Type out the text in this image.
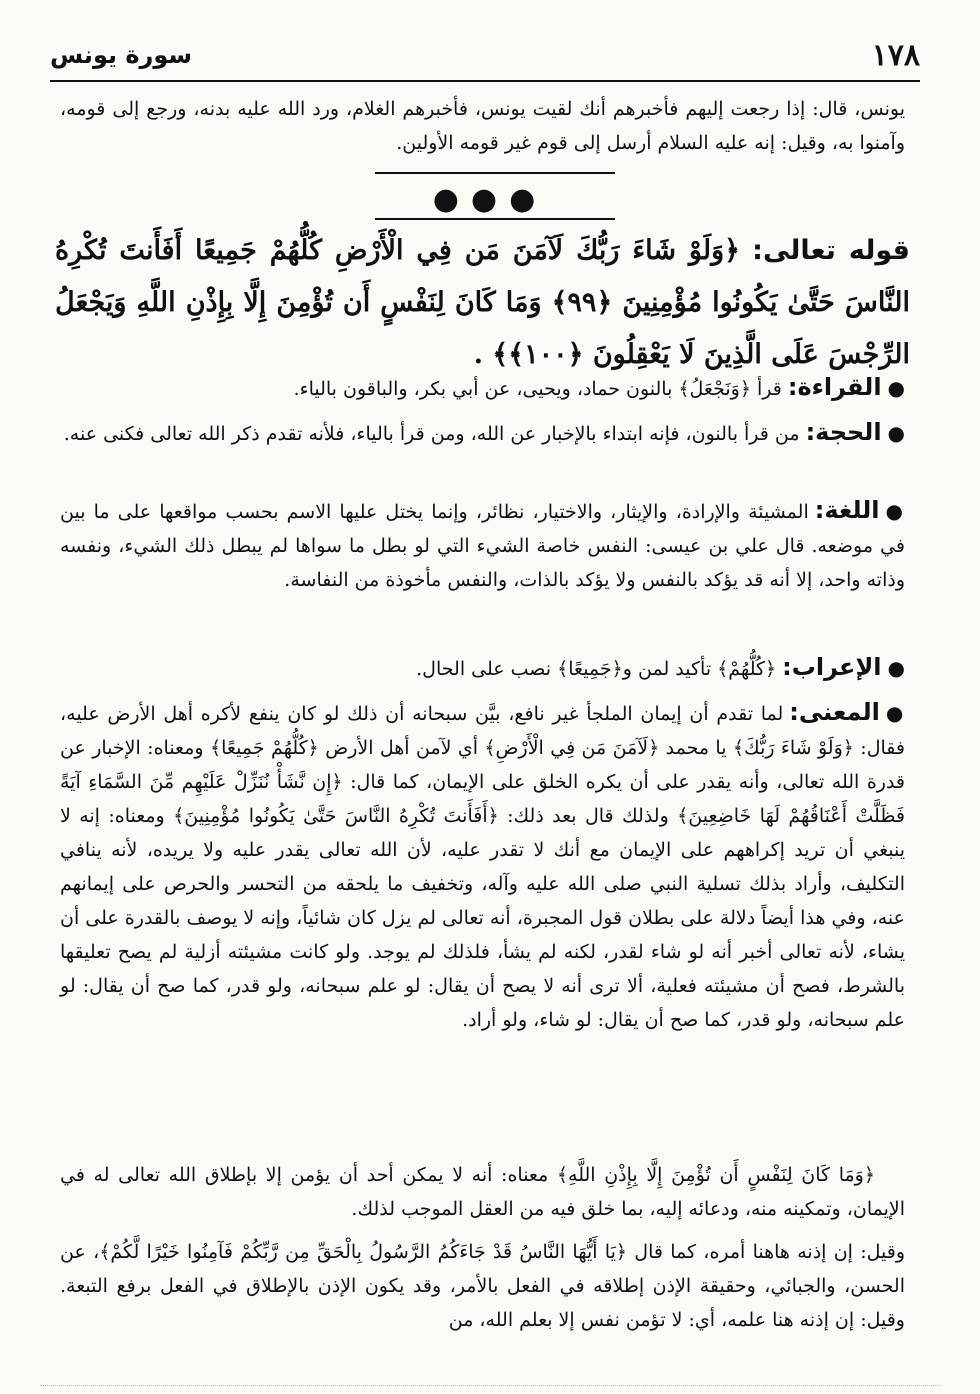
١٧٨
سورة يونس
يونس، قال: إذا رجعت إليهم فأخبرهم أنك لقيت يونس، فأخبرهم الغلام، ورد الله عليه بدنه، ورجع إلى قومه، وآمنوا به، وقيل: إنه عليه السلام أرسل إلى قوم غير قومه الأولين.
●●●
قوله تعالى: ﴿وَلَوْ شَاءَ رَبُّكَ لَآمَنَ مَن فِي الْأَرْضِ كُلُّهُمْ جَمِيعًا أَفَأَنتَ تُكْرِهُ النَّاسَ حَتَّىٰ يَكُونُوا مُؤْمِنِينَ ﴿٩٩﴾ وَمَا كَانَ لِنَفْسٍ أَن تُؤْمِنَ إِلَّا بِإِذْنِ اللَّهِ وَيَجْعَلُ الرِّجْسَ عَلَى الَّذِينَ لَا يَعْقِلُونَ ﴿١٠٠﴾﴾ .
●القراءة:قرأ ﴿وَنَجْعَلُ﴾ بالنون حماد، ويحيى، عن أبي بكر، والباقون بالياء.
●الحجة:من قرأ بالنون، فإنه ابتداء بالإخبار عن الله، ومن قرأ بالياء، فلأنه تقدم ذكر الله تعالى فكنى عنه.
●اللغة:المشيئة والإرادة، والإيثار، والاختيار، نظائر، وإنما يختل عليها الاسم بحسب مواقعها على ما بين في موضعه. قال علي بن عيسى: النفس خاصة الشيء التي لو بطل ما سواها لم يبطل ذلك الشيء، ونفسه وذاته واحد، إلا أنه قد يؤكد بالنفس ولا يؤكد بالذات، والنفس مأخوذة من النفاسة.
●الإعراب:﴿كُلُّهُمْ﴾ تأكيد لمن و﴿جَمِيعًا﴾ نصب على الحال.
●المعنى:لما تقدم أن إيمان الملجأ غير نافع، بيَّن سبحانه أن ذلك لو كان ينفع لأكره أهل الأرض عليه، فقال: ﴿وَلَوْ شَاءَ رَبُّكَ﴾ يا محمد ﴿لَآمَنَ مَن فِي الْأَرْضِ﴾ أي لآمن أهل الأرض ﴿كُلُّهُمْ جَمِيعًا﴾ ومعناه: الإخبار عن قدرة الله تعالى، وأنه يقدر على أن يكره الخلق على الإيمان، كما قال: ﴿إِن نَّشَأْ نُنَزِّلْ عَلَيْهِم مِّنَ السَّمَاءِ آيَةً فَظَلَّتْ أَعْنَاقُهُمْ لَهَا خَاضِعِينَ﴾ ولذلك قال بعد ذلك: ﴿أَفَأَنتَ تُكْرِهُ النَّاسَ حَتَّىٰ يَكُونُوا مُؤْمِنِينَ﴾ ومعناه: إنه لا ينبغي أن تريد إكراههم على الإيمان مع أنك لا تقدر عليه، لأن الله تعالى يقدر عليه ولا يريده، لأنه ينافي التكليف، وأراد بذلك تسلية النبي صلى الله عليه وآله، وتخفيف ما يلحقه من التحسر والحرص على إيمانهم عنه، وفي هذا أيضاً دلالة على بطلان قول المجبرة، أنه تعالى لم يزل كان شائياً، وإنه لا يوصف بالقدرة على أن يشاء، لأنه تعالى أخبر أنه لو شاء لقدر، لكنه لم يشأ، فلذلك لم يوجد. ولو كانت مشيئته أزلية لم يصح تعليقها بالشرط، فصح أن مشيئته فعلية، ألا ترى أنه لا يصح أن يقال: لو علم سبحانه، ولو قدر، كما صح أن يقال: لو علم سبحانه، ولو قدر، كما صح أن يقال: لو شاء، ولو أراد.
﴿وَمَا كَانَ لِنَفْسٍ أَن تُؤْمِنَ إِلَّا بِإِذْنِ اللَّهِ﴾ معناه: أنه لا يمكن أحد أن يؤمن إلا بإطلاق الله تعالى له في الإيمان، وتمكينه منه، ودعائه إليه، بما خلق فيه من العقل الموجب لذلك.
وقيل: إن إذنه هاهنا أمره، كما قال ﴿يَا أَيُّهَا النَّاسُ قَدْ جَاءَكُمُ الرَّسُولُ بِالْحَقِّ مِن رَّبِّكُمْ فَآمِنُوا خَيْرًا لَّكُمْ﴾، عن الحسن، والجبائي، وحقيقة الإذن إطلاقه في الفعل بالأمر، وقد يكون الإذن بالإطلاق في الفعل برفع التبعة. وقيل: إن إذنه هنا علمه، أي: لا تؤمن نفس إلا بعلم الله، من
